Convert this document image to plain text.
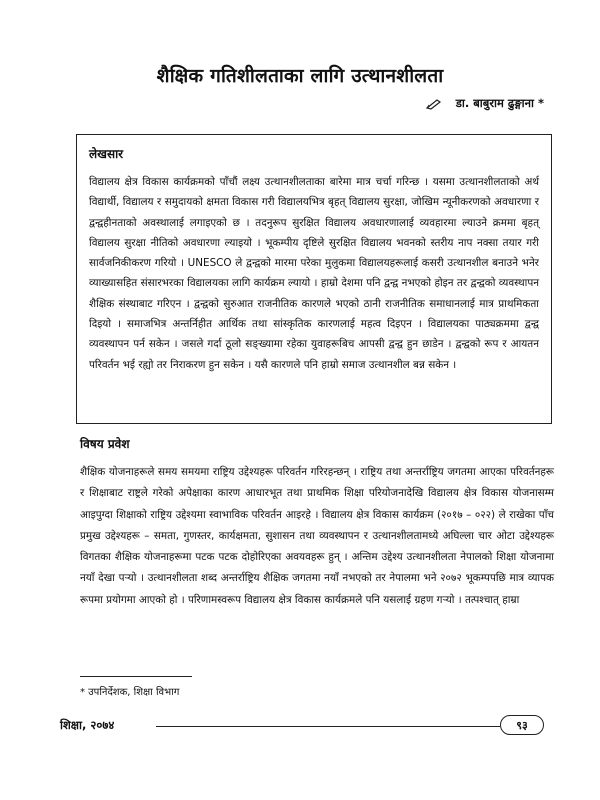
शैक्षिक गतिशीलताका लागि उत्थानशीलता
डा. बाबुराम ढुङ्गाना *
लेखसार
विद्यालय क्षेत्र विकास कार्यक्रमको पाँचौं लक्ष्य उत्थानशीलताका बारेमा मात्र चर्चा गरिन्छ । यसमा उत्थानशीलताको अर्थ विद्यार्थी, विद्यालय र समुदायको क्षमता विकास गरी विद्यालयभित्र बृहत् विद्यालय सुरक्षा, जोखिम न्यूनीकरणको अवधारणा र द्वन्द्वहीनताको अवस्थालाई लगाइएको छ । तदनुरूप सुरक्षित विद्यालय अवधारणालाई व्यवहारमा ल्याउने क्रममा बृहत् विद्यालय सुरक्षा नीतिको अवधारणा ल्याइयो । भूकम्पीय दृष्टिले सुरक्षित विद्यालय भवनको स्तरीय नाप नक्सा तयार गरी सार्वजनिकीकरण गरियो । UNESCO ले द्वन्द्वको मारमा परेका मुलुकमा विद्यालयहरूलाई कसरी उत्थानशील बनाउने भनेर व्याख्यासहित संसारभरका विद्यालयका लागि कार्यक्रम ल्यायो । हाम्रो देशमा पनि द्वन्द्व नभएको होइन तर द्वन्द्वको व्यवस्थापन शैक्षिक संस्थाबाट गरिएन । द्वन्द्वको सुरुआत राजनीतिक कारणले भएको ठानी राजनीतिक समाधानलाई मात्र प्राथमिकता दिइयो । समाजभित्र अन्तर्निहीत आर्थिक तथा सांस्कृतिक कारणलाई महत्व दिइएन । विद्यालयका पाठ्यक्रममा द्वन्द्व व्यवस्थापन पर्न सकेन । जसले गर्दा ठूलो सङ्ख्यामा रहेका युवाहरूबिच आपसी द्वन्द्व हुन छाडेन । द्वन्द्वको रूप र आयतन परिवर्तन भई रह्यो तर निराकरण हुन सकेन । यसै कारणले पनि हाम्रो समाज उत्थानशील बन्न सकेन ।
विषय प्रवेश
शैक्षिक योजनाहरूले समय समयमा राष्ट्रिय उद्देश्यहरू परिवर्तन गरिरहन्छन् । राष्ट्रिय तथा अन्तर्राष्ट्रिय जगतमा आएका परिवर्तनहरू र शिक्षाबाट राष्ट्रले गरेको अपेक्षाका कारण आधारभूत तथा प्राथमिक शिक्षा परियोजनादेखि विद्यालय क्षेत्र विकास योजनासम्म आइपुग्दा शिक्षाको राष्ट्रिय उद्देश्यमा स्वाभाविक परिवर्तन आइरहे । विद्यालय क्षेत्र विकास कार्यक्रम (२०१७ – ०२२) ले राखेका पाँच प्रमुख उद्देश्यहरू – समता, गुणस्तर, कार्यक्षमता, सुशासन तथा व्यवस्थापन र उत्थानशीलतामध्ये अघिल्ला चार ओटा उद्देश्यहरू विगतका शैक्षिक योजनाहरूमा पटक पटक दोहोरिएका अवयवहरू हुन् । अन्तिम उद्देश्य उत्थानशीलता नेपालको शिक्षा योजनामा नयाँ देखा पऱ्यो । उत्थानशीलता शब्द अन्तर्राष्ट्रिय शैक्षिक जगतमा नयाँ नभएको तर नेपालमा भने २०७२ भूकम्पपछि मात्र व्यापक रूपमा प्रयोगमा आएको हो । परिणामस्वरूप विद्यालय क्षेत्र विकास कार्यक्रमले पनि यसलाई ग्रहण गऱ्यो । तत्पश्चात् हाम्रा
* उपनिर्देशक, शिक्षा विभाग
शिक्षा, २०७४	९३
